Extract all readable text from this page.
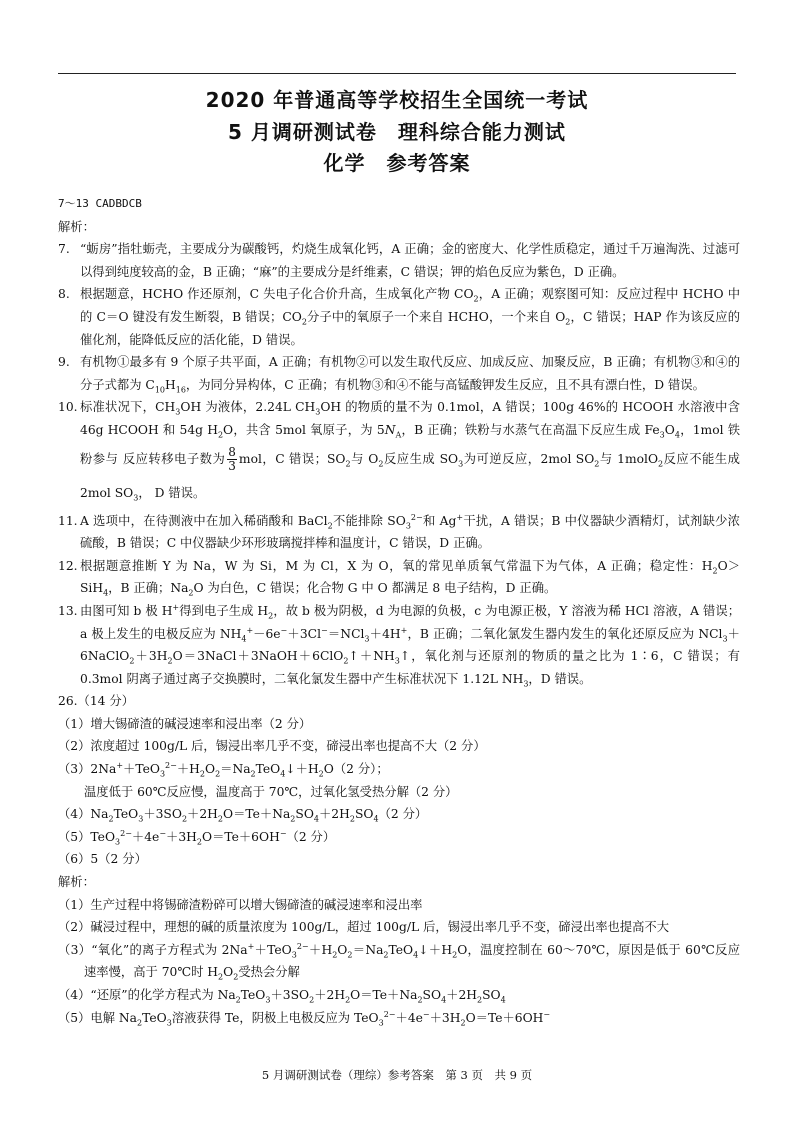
2020 年普通高等学校招生全国统一考试
5 月调研测试卷　理科综合能力测试
化学　参考答案
7～13 CADBDCB
解析：
7. “蛎房”指牡蛎壳，主要成分为碳酸钙，灼烧生成氧化钙，A 正确；金的密度大、化学性质稳定，通过千万遍淘洗、过滤可以得到纯度较高的金，B 正确；“麻”的主要成分是纤维素，C 错误；钾的焰色反应为紫色，D 正确。
8. 根据题意，HCHO 作还原剂，C 失电子化合价升高，生成氧化产物 $CO_2$，A 正确；观察图可知：反应过程中 HCHO 中的 C＝O 键没有发生断裂，B 错误；$CO_2$分子中的氧原子一个来自 HCHO，一个来自 $O_2$，C 错误；HAP 作为该反应的催化剂，能降低反应的活化能，D 错误。
9. 有机物①最多有 9 个原子共平面，A 正确；有机物②可以发生取代反应、加成反应、加聚反应，B 正确；有机物③和④的分子式都为 $C_{10}H_{16}$，为同分异构体，C 正确；有机物③和④不能与高锰酸钾发生反应，且不具有漂白性，D 错误。
10. 标准状况下，$CH_3OH$ 为液体，2.24L $CH_3OH$ 的物质的量不为 0.1mol，A 错误；100g 46%的 HCOOH 水溶液中含 46g HCOOH 和 54g $H_2O$，共含 5mol 氧原子，为 $5N_A$，B 正确；铁粉与水蒸气在高温下反应生成 $Fe_3O_4$，1mol 铁粉参与 反应转移电子数为 $\frac{8}{3}$ mol，C 错误；$SO_2$与 $O_2$反应生成 $SO_3$为可逆反应，2mol $SO_2$与 1molO$_2$反应不能生成 2mol $SO_3$， D 错误。
11. A 选项中，在待测液中在加入稀硝酸和 BaCl$_2$不能排除 $SO_3^{2-}$和 Ag+干扰，A 错误；B 中仪器缺少酒精灯，试剂缺少浓硫酸，B 错误；C 中仪器缺少环形玻璃搅拌棒和温度计，C 错误，D 正确。
12. 根据题意推断 Y 为 Na，W 为 Si，M 为 Cl，X 为 O，氧的常见单质氧气常温下为气体，A 正确；稳定性：$H_2O>SiH_4$，B 正确；$Na_2O$ 为白色，C 错误；化合物 G 中 O 都满足 8 电子结构，D 正确。
13. 由图可知 b 极 H+得到电子生成 $H_2$，故 b 极为阴极，d 为电源的负极，c 为电源正极，Y 溶液为稀 HCl 溶液，A 错误；a 极上发生的电极反应为 $NH_4^+-6e^-+3Cl^-=NCl_3+4H^+$，B 正确；二氧化氯发生器内发生的氧化还原反应为 $NCl_3+6NaClO_2+3H_2O=3NaCl+3NaOH+6ClO_2↑+NH_3↑$，氧化剂与还原剂的物质的量之比为 1∶6，C 错误；有 0.3mol 阴离子通过离子交换膜时，二氧化氯发生器中产生标准状况下 1.12L $NH_3$，D 错误。
26.（14 分）
（1）增大锡碲渣的碱浸速率和浸出率（2 分）
（2）浓度超过 100g/L 后，锡浸出率几乎不变，碲浸出率也提高不大（2 分）
$(3)2Na^++TeO_3^{2-}+H_2O_2=Na_2TeO_4↓+H_2O(2$ 分）；
温度低于 60℃反应慢，温度高于 70℃，过氧化氢受热分解（2 分）
$(4)Na_2TeO_3+3SO_2+2H_2O=Te+Na_2SO_4+2H_2SO_4(2$ 分）
$(5)TeO_3^{2-}+4e^-+3H_2O=Te+6OH^-(2$ 分）
（6）5（2 分）
解析：
（1）生产过程中将锡碲渣粉碎可以增大锡碲渣的碱浸速率和浸出率
（2）碱浸过程中，理想的碱的质量浓度为 100g/L，超过 100g/L 后，锡浸出率几乎不变，碲浸出率也提高不大
（3）“氧化”的离子方程式为 $2Na^++TeO_3^{2-}+H_2O_2=Na_2TeO_4↓+H_2O$，温度控制在 60～70℃，原因是低于 60℃反应速率慢，高于 70℃时 $H_2O_2$受热会分解
（4）“还原”的化学方程式为 $Na_2TeO_3+3SO_2+2H_2O=Te+Na_2SO_4+2H_2SO_4$
（5）电解 $Na_2TeO_3$溶液获得 Te，阴极上电极反应为 $TeO_3^{2-}+4e^-+3H_2O=Te+6OH^-$
5 月调研测试卷（理综）参考答案　第 3 页　共 9 页
